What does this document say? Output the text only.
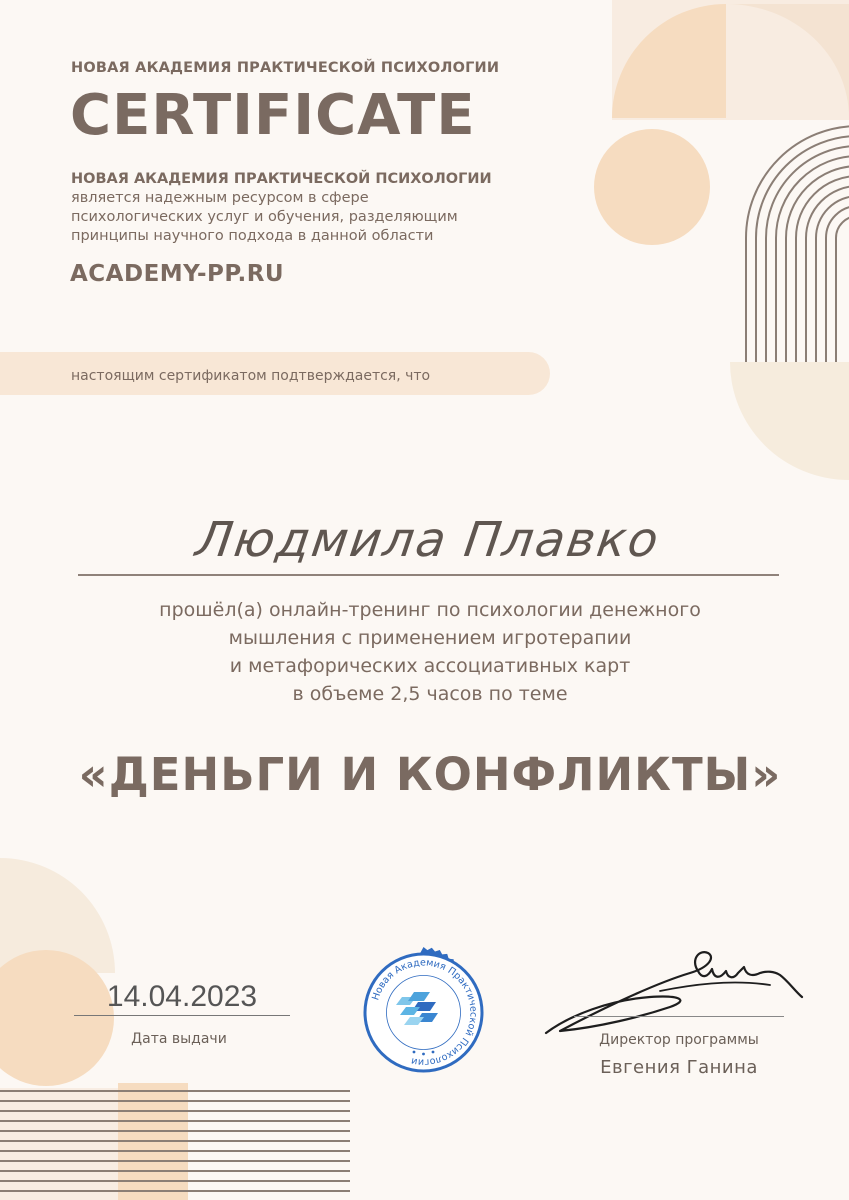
НОВАЯ АКАДЕМИЯ ПРАКТИЧЕСКОЙ ПСИХОЛОГИИ
CERTIFICATE
НОВАЯ АКАДЕМИЯ ПРАКТИЧЕСКОЙ ПСИХОЛОГИИ
является надежным ресурсом в сфере
психологических услуг и обучения, разделяющим
принципы научного подхода в данной области
ACADEMY-PP.RU
настоящим сертификатом подтверждается, что
Людмила Плавко
прошёл(а) онлайн-тренинг по психологии денежного
мышления с применением игротерапии
и метафорических ассоциативных карт
в объеме 2,5 часов по теме
«ДЕНЬГИ И КОНФЛИКТЫ»
14.04.2023
Дата выдачи
Новая Академия Практической Психологии
Директор программы
Евгения Ганина
